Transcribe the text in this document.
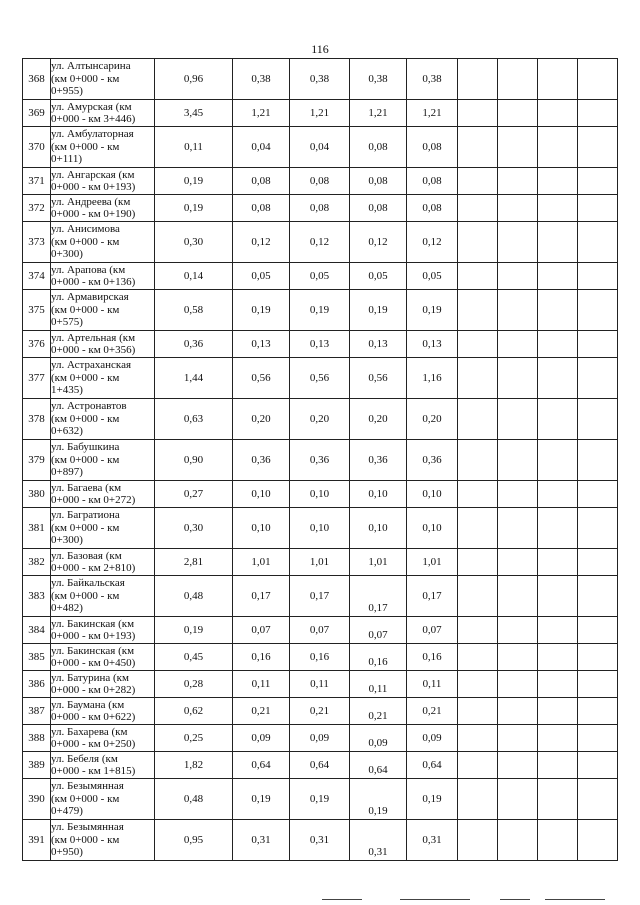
116
368	ул. Алтынсарина
(км 0+000 - км
0+955)	0,96	0,38	0,38	0,38	0,38				
369	ул. Амурская (км
0+000 - км 3+446)	3,45	1,21	1,21	1,21	1,21				
370	ул. Амбулаторная
(км 0+000 - км
0+111)	0,11	0,04	0,04	0,08	0,08				
371	ул. Ангарская (км
0+000 - км 0+193)	0,19	0,08	0,08	0,08	0,08				
372	ул. Андреева (км
0+000 - км 0+190)	0,19	0,08	0,08	0,08	0,08				
373	ул. Анисимова
(км 0+000 - км
0+300)	0,30	0,12	0,12	0,12	0,12				
374	ул. Арапова (км
0+000 - км 0+136)	0,14	0,05	0,05	0,05	0,05				
375	ул. Армавирская
(км 0+000 - км
0+575)	0,58	0,19	0,19	0,19	0,19				
376	ул. Артельная (км
0+000 - км 0+356)	0,36	0,13	0,13	0,13	0,13				
377	ул. Астраханская
(км 0+000 - км
1+435)	1,44	0,56	0,56	0,56	1,16				
378	ул. Астронавтов
(км 0+000 - км
0+632)	0,63	0,20	0,20	0,20	0,20				
379	ул. Бабушкина
(км 0+000 - км
0+897)	0,90	0,36	0,36	0,36	0,36				
380	ул. Багаева (км
0+000 - км 0+272)	0,27	0,10	0,10	0,10	0,10				
381	ул. Багратиона
(км 0+000 - км
0+300)	0,30	0,10	0,10	0,10	0,10				
382	ул. Базовая (км
0+000 - км 2+810)	2,81	1,01	1,01	1,01	1,01				
383	ул. Байкальская
(км 0+000 - км
0+482)	0,48	0,17	0,17	0,17	0,17				
384	ул. Бакинская (км
0+000 - км 0+193)	0,19	0,07	0,07	0,07	0,07				
385	ул. Бакинская (км
0+000 - км 0+450)	0,45	0,16	0,16	0,16	0,16				
386	ул. Батурина (км
0+000 - км 0+282)	0,28	0,11	0,11	0,11	0,11				
387	ул. Баумана (км
0+000 - км 0+622)	0,62	0,21	0,21	0,21	0,21				
388	ул. Бахарева (км
0+000 - км 0+250)	0,25	0,09	0,09	0,09	0,09				
389	ул. Бебеля (км
0+000 - км 1+815)	1,82	0,64	0,64	0,64	0,64				
390	ул. Безымянная
(км 0+000 - км
0+479)	0,48	0,19	0,19	0,19	0,19				
391	ул. Безымянная
(км 0+000 - км
0+950)	0,95	0,31	0,31	0,31	0,31				
